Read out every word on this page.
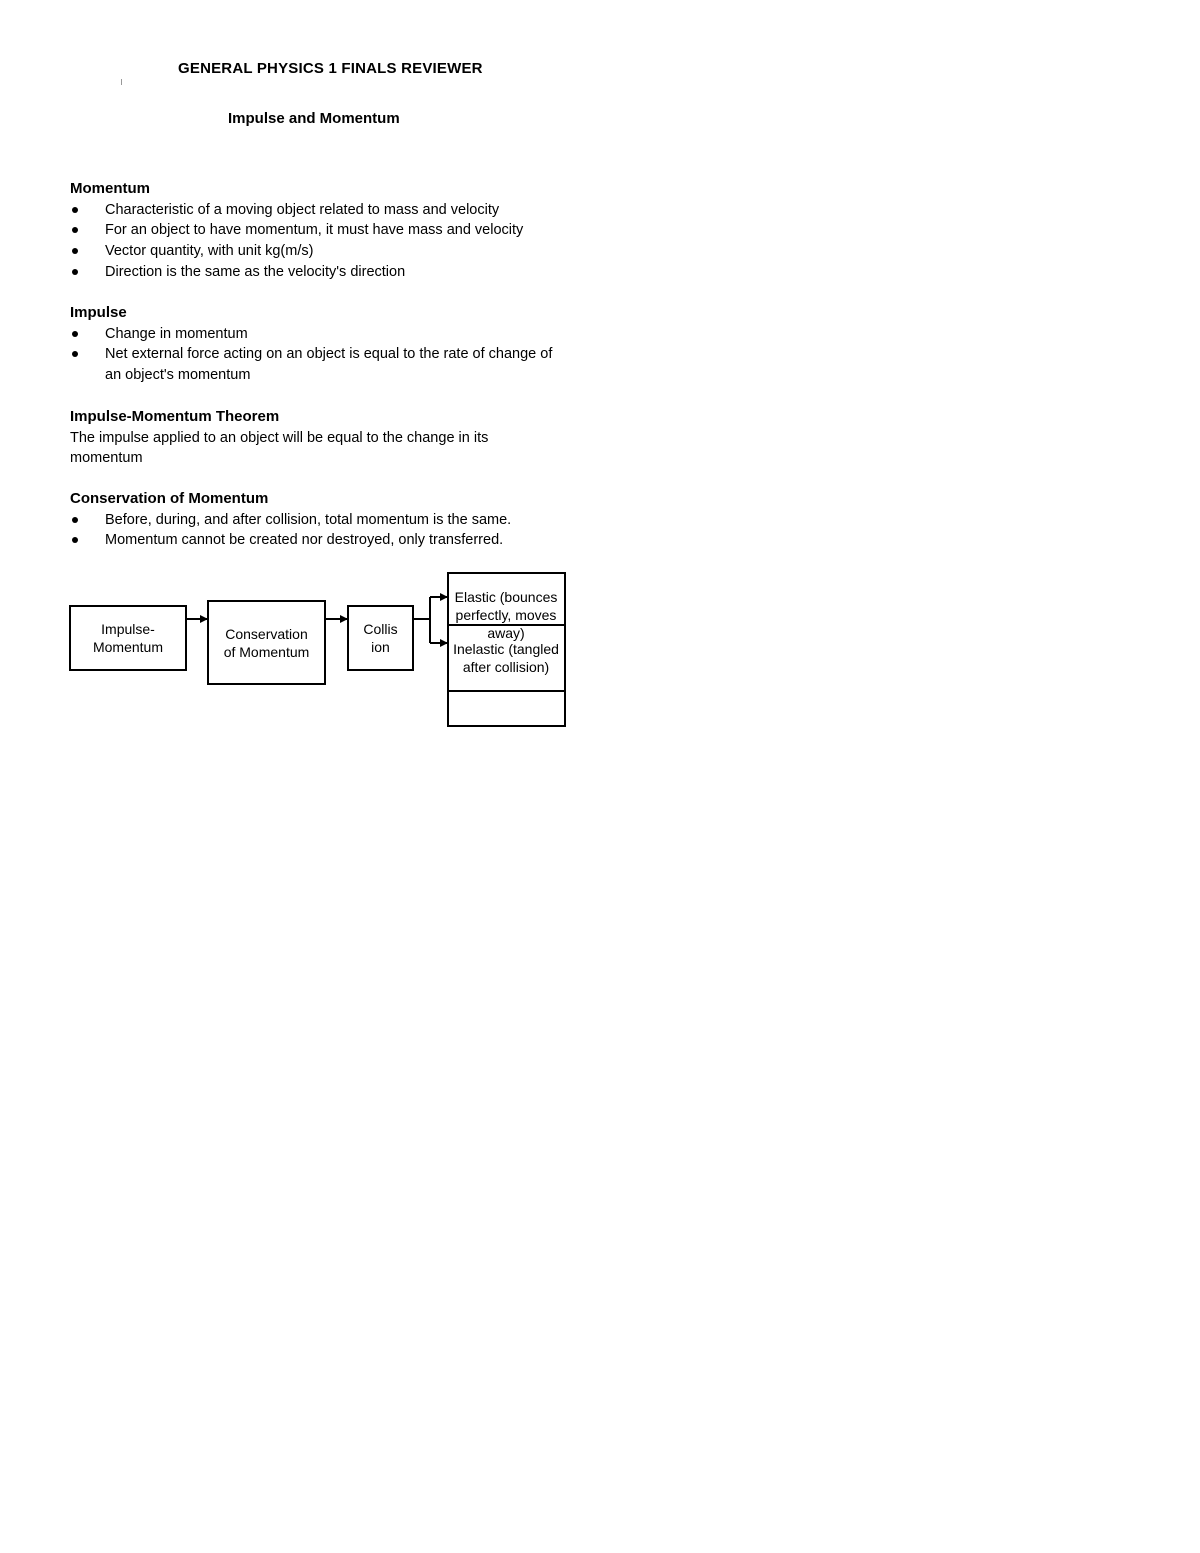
GENERAL PHYSICS 1 FINALS REVIEWER
Impulse and Momentum
Momentum
Characteristic of a moving object related to mass and velocity
For an object to have momentum, it must have mass and velocity
Vector quantity, with unit kg(m/s)
Direction is the same as the velocity's direction
Impulse
Change in momentum
Net external force acting on an object is equal to the rate of change of an object's momentum
Impulse-Momentum Theorem

The impulse applied to an object will be equal to the change in its momentum

Conservation of Momentum
Before, during, and after collision, total momentum is the same.
Momentum cannot be created nor destroyed, only transferred.
Impulse-Momentum
Conservation of Momentum
Collision
Elastic (bounces perfectly, moves away)
Inelastic (tangled after collision)
